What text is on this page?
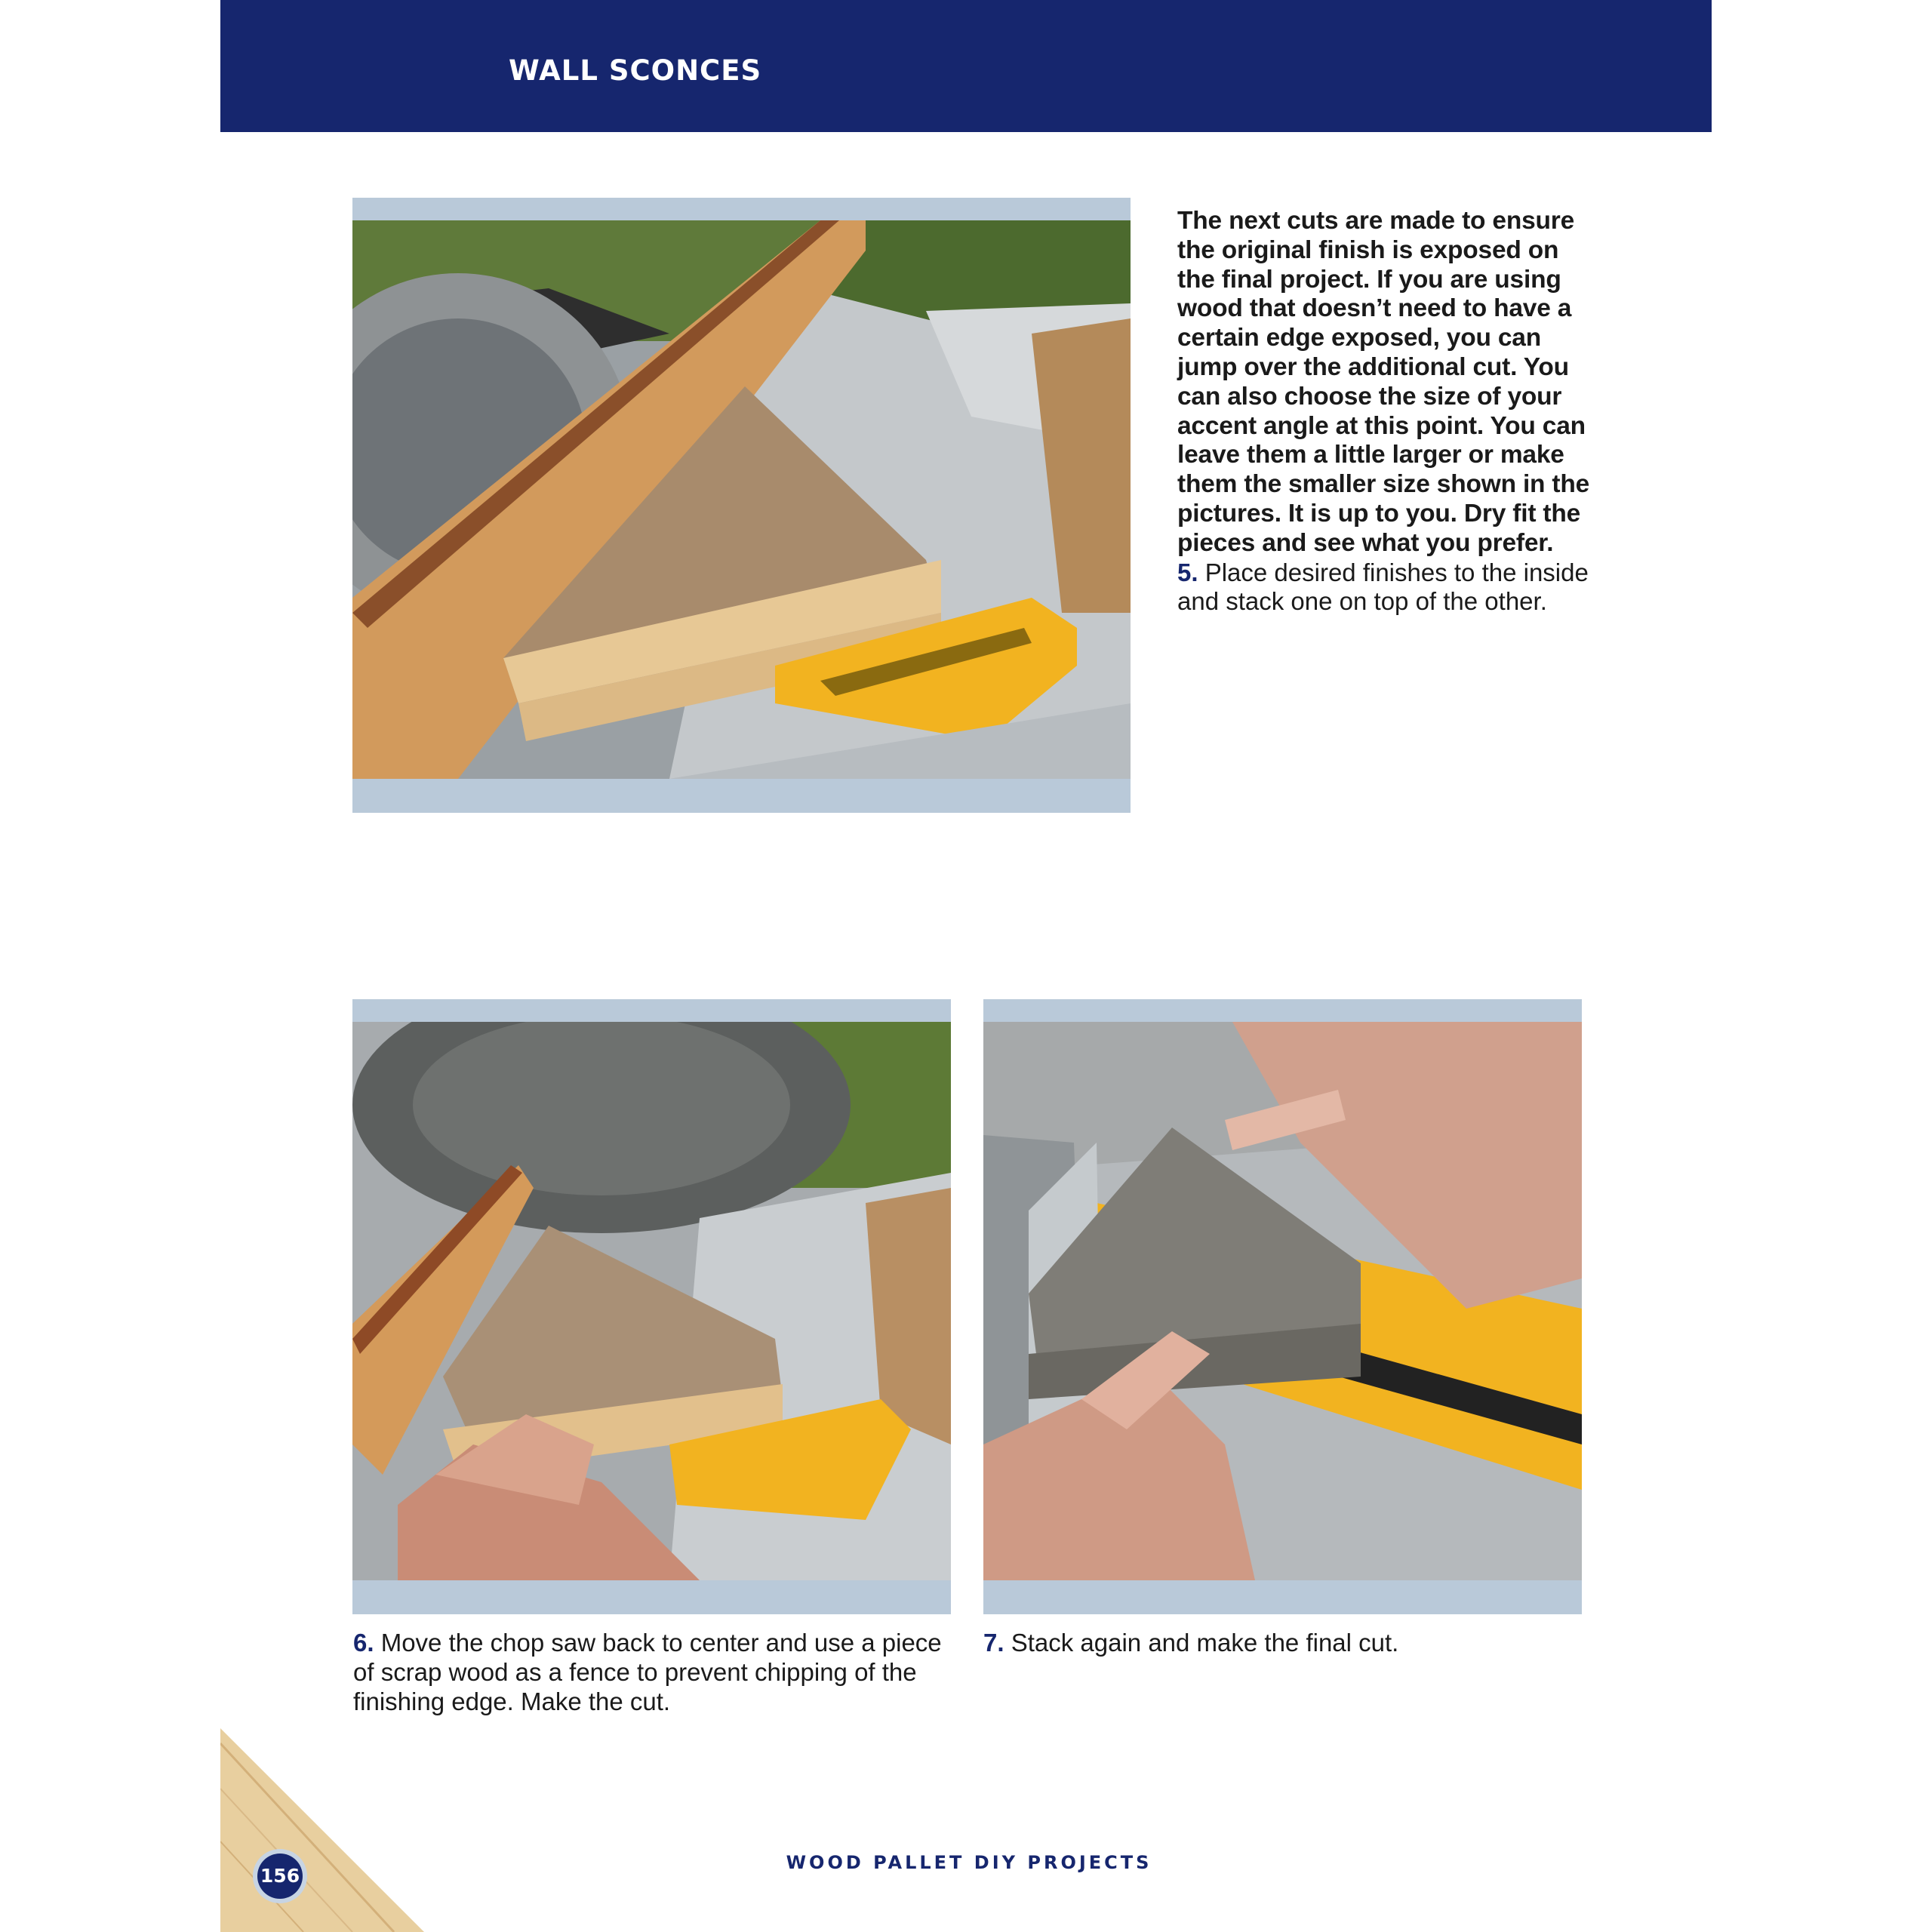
WALL SCONCES
The next cuts are made to ensure the original finish is exposed on the final project. If you are using wood that doesn’t need to have a certain edge exposed, you can jump over the additional cut. You can also choose the size of your accent angle at this point. You can leave them a little larger or make them the smaller size shown in the pictures. It is up to you. Dry fit the pieces and see what you prefer.
5. Place desired finishes to the inside and stack one on top of the other.
6. Move the chop saw back to center and use a piece of scrap wood as a fence to prevent chipping of the finishing edge. Make the cut.
7. Stack again and make the final cut.
156
WOOD PALLET DIY PROJECTS
